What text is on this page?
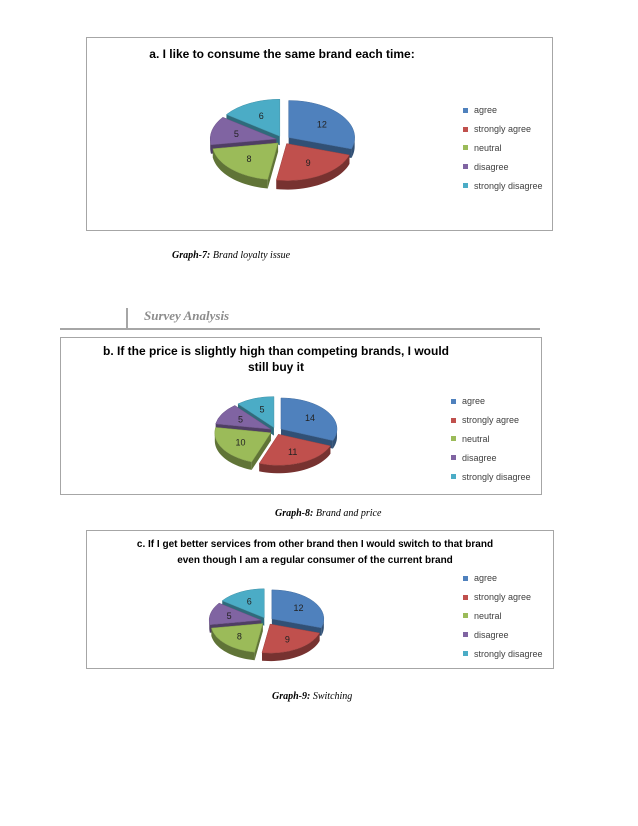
a. I like to consume the same brand each time:
12
9
8
5
6
agree
strongly agree
neutral
disagree
strongly disagree
Graph-7: Brand loyalty issue
Survey Analysis
b. If the price is slightly high than competing brands, I would still buy it
14
11
10
5
5
agree
strongly agree
neutral
disagree
strongly disagree
Graph-8: Brand and price
c. If I get better services from other brand then I would switch to that brand even though I am a regular consumer of the current brand
12
9
8
5
6
agree
strongly agree
neutral
disagree
strongly disagree
Graph-9: Switching
